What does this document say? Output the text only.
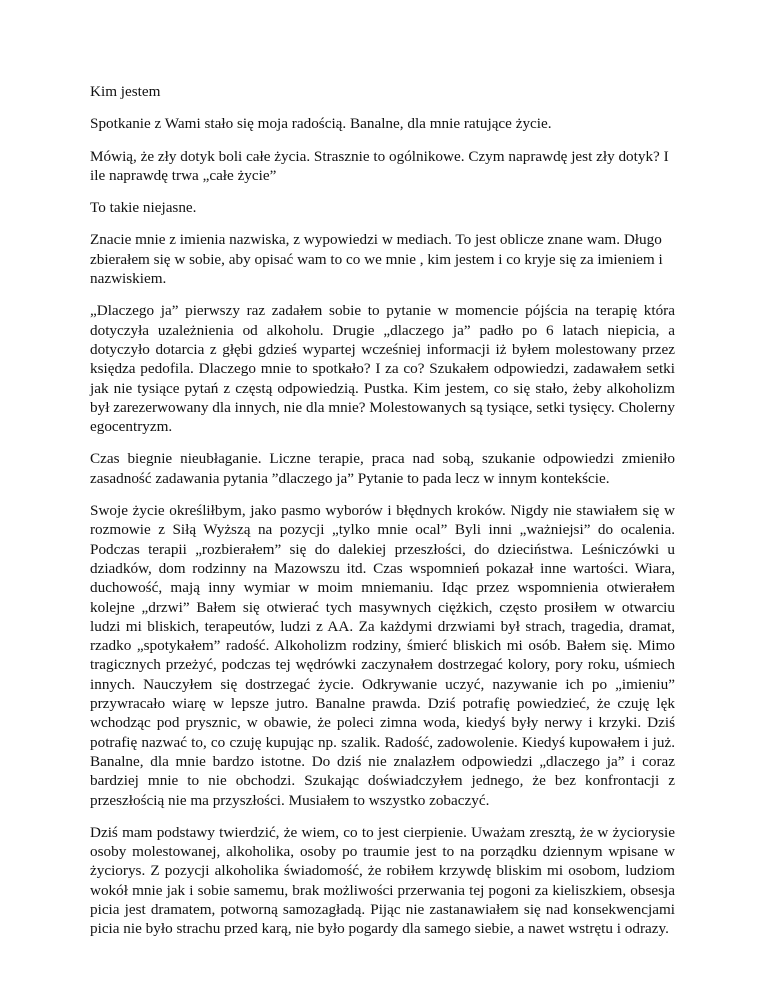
Kim jestem

Spotkanie z Wami stało się moja radością. Banalne, dla mnie ratujące życie.

Mówią, że zły dotyk boli całe życia. Strasznie to ogólnikowe. Czym naprawdę jest zły dotyk? I ile naprawdę trwa „całe życie”

To takie niejasne.

Znacie mnie z imienia nazwiska, z wypowiedzi w mediach. To jest oblicze znane wam. Długo zbierałem się w sobie, aby opisać wam to co we mnie , kim jestem i co kryje się za imieniem i nazwiskiem.

„Dlaczego ja” pierwszy raz zadałem sobie to pytanie w momencie pójścia na terapię która dotyczyła uzależnienia od alkoholu. Drugie „dlaczego ja” padło po 6 latach niepicia, a dotyczyło dotarcia z głębi gdzieś wypartej wcześniej informacji iż byłem molestowany przez księdza pedofila. Dlaczego mnie to spotkało? I za co? Szukałem odpowiedzi, zadawałem setki jak nie tysiące pytań z częstą odpowiedzią. Pustka. Kim jestem, co się stało, żeby alkoholizm był zarezerwowany dla innych, nie dla mnie? Molestowanych są tysiące, setki tysięcy. Cholerny egocentryzm.

Czas biegnie nieubłaganie. Liczne terapie, praca nad sobą, szukanie odpowiedzi zmieniło zasadność zadawania pytania ”dlaczego ja” Pytanie to pada lecz w innym kontekście.

Swoje życie określiłbym, jako pasmo wyborów i błędnych kroków. Nigdy nie stawiałem się w rozmowie z Siłą Wyższą na pozycji „tylko mnie ocal” Byli inni „ważniejsi” do ocalenia. Podczas terapii „rozbierałem” się do dalekiej przeszłości, do dzieciństwa. Leśniczówki u dziadków, dom rodzinny na Mazowszu itd. Czas wspomnień pokazał inne wartości. Wiara, duchowość, mają inny wymiar w moim mniemaniu. Idąc przez wspomnienia otwierałem kolejne „drzwi” Bałem się otwierać tych masywnych ciężkich, często prosiłem w otwarciu ludzi mi bliskich, terapeutów, ludzi z AA. Za każdymi drzwiami był strach, tragedia, dramat, rzadko „spotykałem” radość. Alkoholizm rodziny, śmierć bliskich mi osób. Bałem się. Mimo tragicznych przeżyć, podczas tej wędrówki zaczynałem dostrzegać kolory, pory roku, uśmiech innych. Nauczyłem się dostrzegać życie. Odkrywanie uczyć, nazywanie ich po „imieniu” przywracało wiarę w lepsze jutro. Banalne prawda. Dziś potrafię powiedzieć, że czuję lęk wchodząc pod prysznic, w obawie, że poleci zimna woda, kiedyś były nerwy i krzyki. Dziś potrafię nazwać to, co czuję kupując np. szalik. Radość, zadowolenie. Kiedyś kupowałem i już. Banalne, dla mnie bardzo istotne. Do dziś nie znalazłem odpowiedzi „dlaczego ja” i coraz bardziej mnie to nie obchodzi. Szukając doświadczyłem jednego, że bez konfrontacji z przeszłością nie ma przyszłości. Musiałem to wszystko zobaczyć.

Dziś mam podstawy twierdzić, że wiem, co to jest cierpienie. Uważam zresztą, że w życiorysie osoby molestowanej, alkoholika, osoby po traumie jest to na porządku dziennym wpisane w życiorys. Z pozycji alkoholika świadomość, że robiłem krzywdę bliskim mi osobom, ludziom wokół mnie jak i sobie samemu, brak możliwości przerwania tej pogoni za kieliszkiem, obsesja picia jest dramatem, potworną samozagładą. Pijąc nie zastanawiałem się nad konsekwencjami picia nie było strachu przed karą, nie było pogardy dla samego siebie, a nawet wstrętu i odrazy.
